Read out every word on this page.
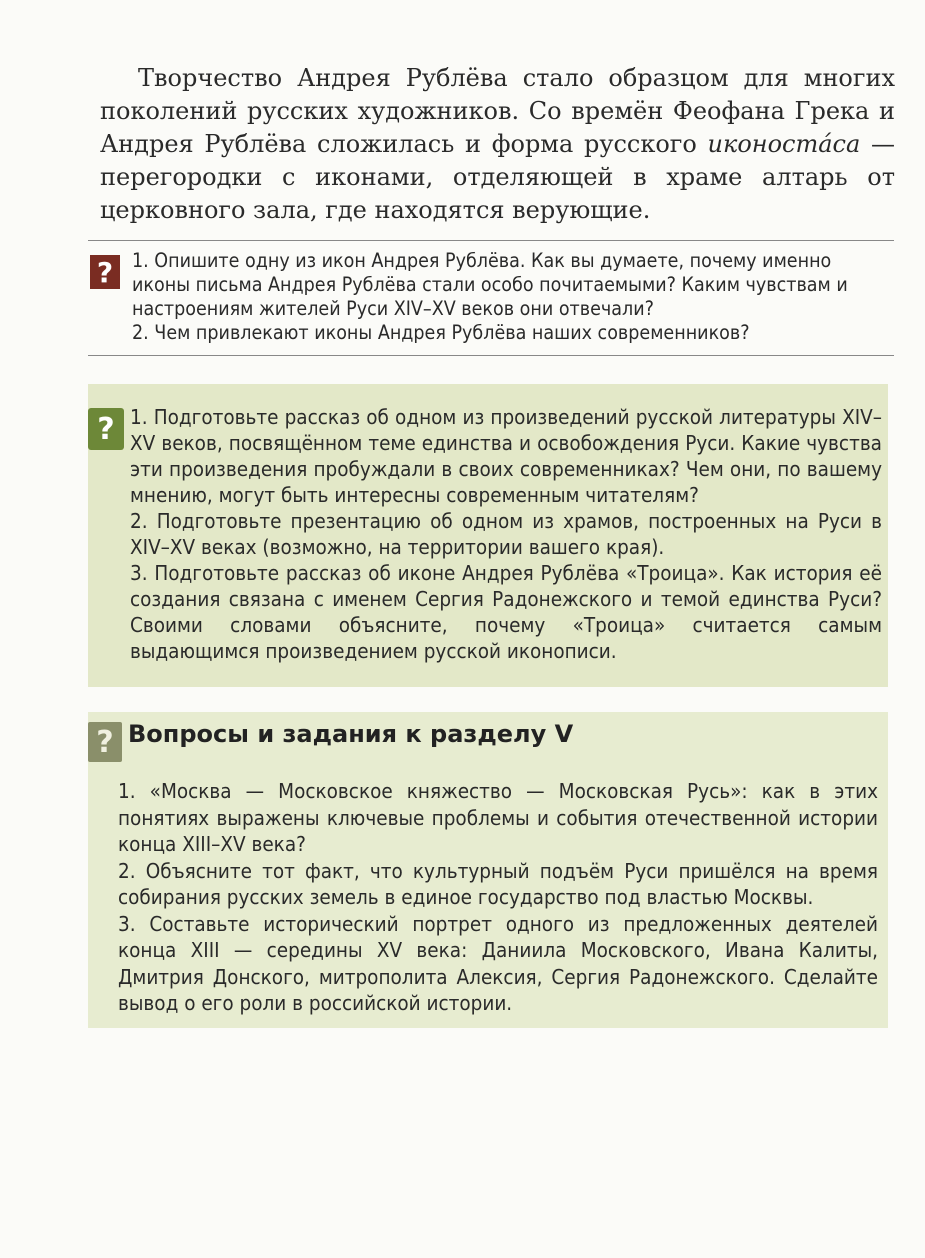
Творчество Андрея Рублёва стало образцом для многих поколений русских художников. Со времён Феофана Грека и Андрея Рублёва сложилась и форма русского иконоста́са — перегородки с иконами, отделяющей в храме алтарь от церковного зала, где находятся верующие.

? 1. Опишите одну из икон Андрея Рублёва. Как вы думаете, почему именно иконы письма Андрея Рублёва стали особо почитаемыми? Каким чувствам и настроениям жителей Руси XIV–XV веков они отвечали?

2. Чем привлекают иконы Андрея Рублёва наших современников?

? 1. Подготовьте рассказ об одном из произведений русской литературы XIV–XV веков, посвящённом теме единства и освобождения Руси. Какие чувства эти произведения пробуждали в своих современниках? Чем они, по вашему мнению, могут быть интересны современным читателям?

2. Подготовьте презентацию об одном из храмов, построенных на Руси в XIV–XV веках (возможно, на территории вашего края).

3. Подготовьте рассказ об иконе Андрея Рублёва «Троица». Как история её создания связана с именем Сергия Радонежского и темой единства Руси? Своими словами объясните, почему «Троица» считается самым выдающимся произведением русской иконописи.

? Вопросы и задания к разделу V

1. «Москва — Московское княжество — Московская Русь»: как в этих понятиях выражены ключевые проблемы и события отечественной истории конца XIII–XV века?

2. Объясните тот факт, что культурный подъём Руси пришёлся на время собирания русских земель в единое государство под властью Москвы.

3. Составьте исторический портрет одного из предложенных деятелей конца XIII — середины XV века: Даниила Московского, Ивана Калиты, Дмитрия Донского, митрополита Алексия, Сергия Радонежского. Сделайте вывод о его роли в российской истории.
